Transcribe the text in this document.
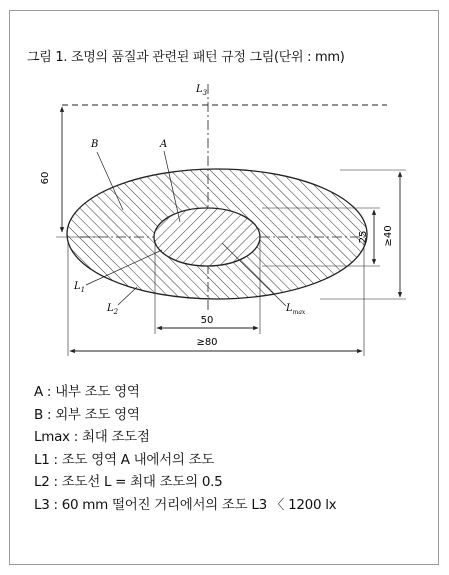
그림 1. 조명의 품질과 관련된 패턴 규정 그림(단위 : mm)
60
25 ≥40
50
≥80
$L_3$
B	A
$L_1$
$L_2$	$L_{max}$
A : 내부 조도 영역
B : 외부 조도 영역
Lmax : 최대 조도점
L1 : 조도 영역 A 내에서의 조도
L2 : 조도선 L = 최대 조도의 0.5
L3 : 60 mm 떨어진 거리에서의 조도 L3 〈 1200 lx
